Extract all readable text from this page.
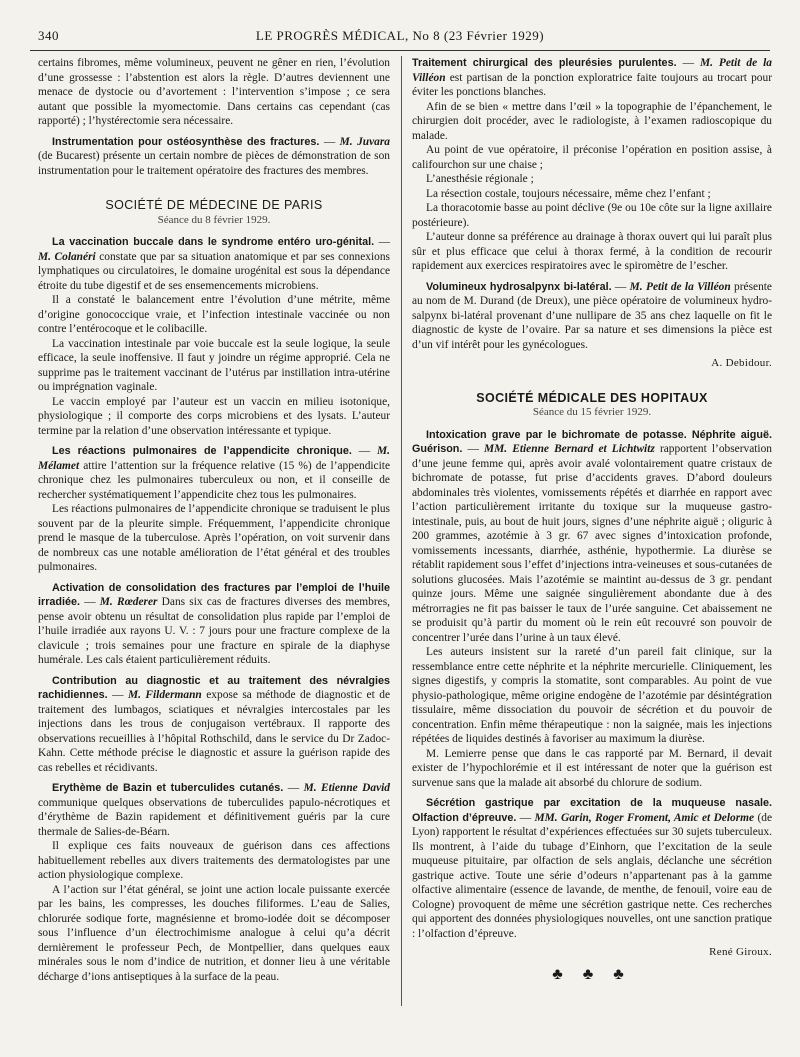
340	LE PROGRÈS MÉDICAL, No 8 (23 Février 1929)

certains fibromes, même volumineux, peuvent ne gêner en rien, l’évolution d’une grossesse : l’abstention est alors la règle. D’autres deviennent une menace de dystocie ou d’avortement : l’intervention s’impose ; ce sera autant que possible la myomectomie. Dans certains cas cependant (cas rapporté) ; l’hystérectomie sera nécessaire.

Instrumentation pour ostéosynthèse des fractures. — M. Juvara (de Bucarest) présente un certain nombre de pièces de démonstration de son instrumentation pour le traitement opératoire des fractures des membres.

SOCIÉTÉ DE MÉDECINE DE PARIS
Séance du 8 février 1929.

La vaccination buccale dans le syndrome entéro uro-génital. — M. Colanéri constate que par sa situation anatomique et par ses connexions lymphatiques ou circulatoires, le domaine urogénital est sous la dépendance étroite du tube digestif et de ses ensemencements microbiens.

Il a constaté le balancement entre l’évolution d’une métrite, même d’origine gonococcique vraie, et l’infection intestinale vaccinée ou non contre l’entérocoque et le colibacille.

La vaccination intestinale par voie buccale est la seule logique, la seule efficace, la seule inoffensive. Il faut y joindre un régime approprié. Cela ne supprime pas le traitement vaccinant de l’utérus par instillation intra-utérine ou imprégnation vaginale.

Le vaccin employé par l’auteur est un vaccin en milieu isotonique, physiologique ; il comporte des corps microbiens et des lysats. L’auteur termine par la relation d’une observation intéressante et typique.

Les réactions pulmonaires de l’appendicite chronique. — M. Mélamet attire l’attention sur la fréquence relative (15 %) de l’appendicite chronique chez les pulmonaires tuberculeux ou non, et il conseille de rechercher systématiquement l’appendicite chez tous les pulmonaires.

Les réactions pulmonaires de l’appendicite chronique se traduisent le plus souvent par de la pleurite simple. Fréquemment, l’appendicite chronique prend le masque de la tuberculose. Après l’opération, on voit survenir dans de nombreux cas une notable amélioration de l’état général et des troubles pulmonaires.

Activation de consolidation des fractures par l’emploi de l’huile irradiée. — M. Rœderer Dans six cas de fractures diverses des membres, pense avoir obtenu un résultat de consolidation plus rapide par l’emploi de l’huile irradiée aux rayons U. V. : 7 jours pour une fracture complexe de la clavicule ; trois semaines pour une fracture en spirale de la diaphyse humérale. Les cals étaient particulièrement réduits.

Contribution au diagnostic et au traitement des névralgies rachidiennes. — M. Fildermann expose sa méthode de diagnostic et de traitement des lumbagos, sciatiques et névralgies intercostales par les injections dans les trous de conjugaison vertébraux. Il rapporte des observations recueillies à l’hôpital Rothschild, dans le service du Dr Zadoc-Kahn. Cette méthode précise le diagnostic et assure la guérison rapide des cas rebelles et récidivants.

Erythème de Bazin et tuberculides cutanés. — M. Etienne David communique quelques observations de tuberculides papulo-nécrotiques et d’érythème de Bazin rapidement et définitivement guéris par la cure thermale de Salies-de-Béarn.

Il explique ces faits nouveaux de guérison dans ces affections habituellement rebelles aux divers traitements des dermatologistes par une action physiologique complexe.

A l’action sur l’état général, se joint une action locale puissante exercée par les bains, les compresses, les douches filiformes. L’eau de Salies, chlorurée sodique forte, magnésienne et bromo-iodée doit se décomposer sous l’influence d’un électrochimisme analogue à celui qu’a décrit dernièrement le professeur Pech, de Montpellier, dans quelques eaux minérales sous le nom d’indice de nutrition, et donner lieu à une véritable décharge d’ions antiseptiques à la surface de la peau.

Traitement chirurgical des pleurésies purulentes. — M. Petit de la Villéon est partisan de la ponction exploratrice faite toujours au trocart pour éviter les ponctions blanches.

Afin de se bien « mettre dans l’œil » la topographie de l’épanchement, le chirurgien doit procéder, avec le radiologiste, à l’examen radioscopique du malade.

Au point de vue opératoire, il préconise l’opération en position assise, à califourchon sur une chaise ;

L’anesthésie régionale ;

La résection costale, toujours nécessaire, même chez l’enfant ;

La thoracotomie basse au point déclive (9e ou 10e côte sur la ligne axillaire postérieure).

L’auteur donne sa préférence au drainage à thorax ouvert qui lui paraît plus sûr et plus efficace que celui à thorax fermé, à la condition de recourir rapidement aux exercices respiratoires avec le spiromètre de l’escher.

Volumineux hydrosalpynx bi-latéral. — M. Petit de la Villéon présente au nom de M. Durand (de Dreux), une pièce opératoire de volumineux hydro-salpynx bi-latéral provenant d’une nullipare de 35 ans chez laquelle on fit le diagnostic de kyste de l’ovaire. Par sa nature et ses dimensions la pièce est d’un vif intérêt pour les gynécologues.

A. Debidour.
SOCIÉTÉ MÉDICALE DES HOPITAUX
Séance du 15 février 1929.

Intoxication grave par le bichromate de potasse. Néphrite aiguë. Guérison. — MM. Etienne Bernard et Lichtwitz rapportent l’observation d’une jeune femme qui, après avoir avalé volontairement quatre cristaux de bichromate de potasse, fut prise d’accidents graves. D’abord douleurs abdominales très violentes, vomissements répétés et diarrhée en rapport avec l’action particulièrement irritante du toxique sur la muqueuse gastro-intestinale, puis, au bout de huit jours, signes d’une néphrite aiguë ; oliguric à 200 grammes, azotémie à 3 gr. 67 avec signes d’intoxication profonde, vomissements incessants, diarrhée, asthénie, hypothermie. La diurèse se rétablit rapidement sous l’effet d’injections intra-veineuses et sous-cutanées de solutions glucosées. Mais l’azotémie se maintint au-dessus de 3 gr. pendant quinze jours. Même une saignée singulièrement abondante due à des métrorragies ne fit pas baisser le taux de l’urée sanguine. Cet abaissement ne se produisit qu’à partir du moment où le rein eût recouvré son pouvoir de concentrer l’urée dans l’urine à un taux élevé.

Les auteurs insistent sur la rareté d’un pareil fait clinique, sur la ressemblance entre cette néphrite et la néphrite mercurielle. Cliniquement, les signes digestifs, y compris la stomatite, sont comparables. Au point de vue physio-pathologique, même origine endogène de l’azotémie par désintégration tissulaire, même dissociation du pouvoir de sécrétion et du pouvoir de concentration. Enfin même thérapeutique : non la saignée, mais les injections répétées de liquides destinés à favoriser au maximum la diurèse.

M. Lemierre pense que dans le cas rapporté par M. Bernard, il devait exister de l’hypochlorémie et il est intéressant de noter que la guérison est survenue sans que la malade ait absorbé du chlorure de sodium.

Sécrétion gastrique par excitation de la muqueuse nasale. Olfaction d’épreuve. — MM. Garin, Roger Froment, Amic et Delorme (de Lyon) rapportent le résultat d’expériences effectuées sur 30 sujets tuberculeux. Ils montrent, à l’aide du tubage d’Einhorn, que l’excitation de la seule muqueuse pituitaire, par olfaction de sels anglais, déclanche une sécrétion gastrique active. Toute une série d’odeurs n’appartenant pas à la gamme olfactive alimentaire (essence de lavande, de menthe, de fenouil, voire eau de Cologne) provoquent de même une sécrétion gastrique nette. Ces recherches qui apportent des données physiologiques nouvelles, ont une sanction pratique : l’olfaction d’épreuve.

René Giroux.
♣ ♣ ♣
